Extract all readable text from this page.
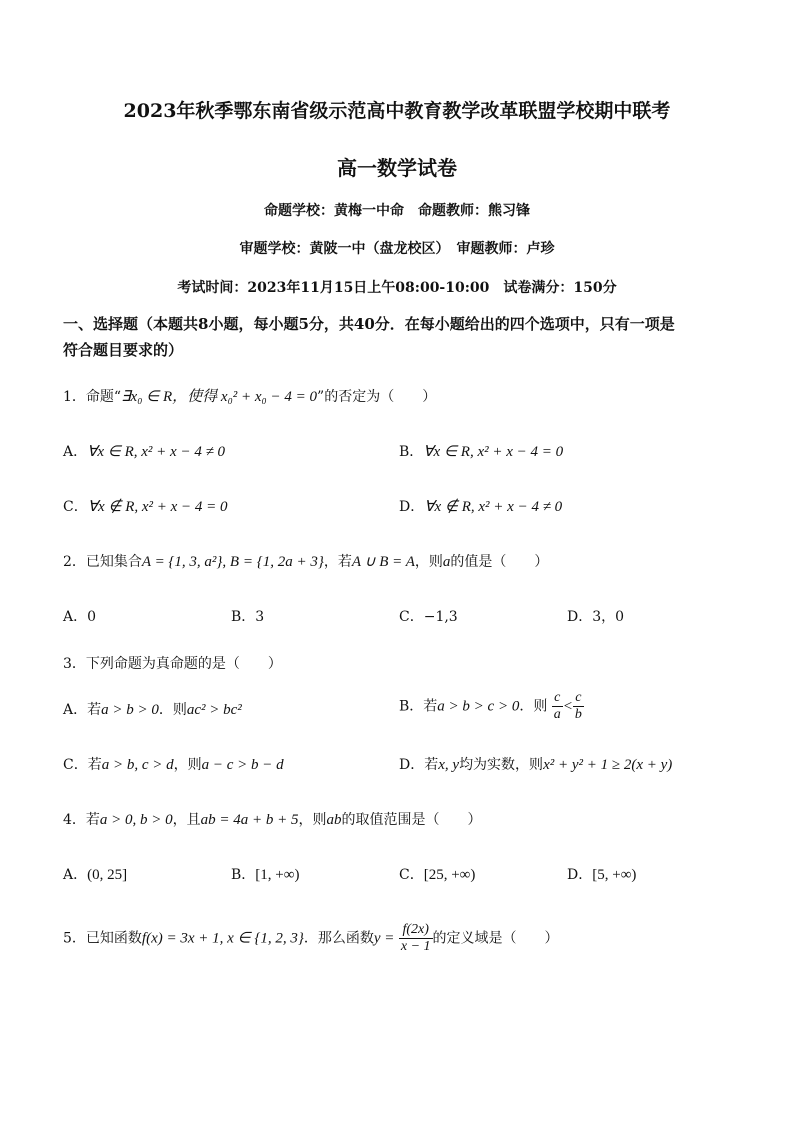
2023年秋季鄂东南省级示范高中教育教学改革联盟学校期中联考
高一数学试卷
命题学校：黄梅一中命　命题教师：熊习锋
审题学校：黄陂一中（盘龙校区）　审题教师：卢珍
考试时间：2023年11月15日上午08:00-10:00　试卷满分：150分
一、选择题（本题共8小题，每小题5分，共40分．在每小题给出的四个选项中，只有一项是
符合题目要求的）
1．命题“∃x₀ ∈ R，使得 x₀² + x₀ − 4 = 0”的否定为（　　）
A．∀x ∈ R, x² + x − 4 ≠ 0	B．∀x ∈ R, x² + x − 4 = 0
C．∀x ∉ R, x² + x − 4 = 0	D．∀x ∉ R, x² + x − 4 ≠ 0
2．已知集合A = {1, 3, a²}, B = {1, 2a + 3}，若A ∪ B = A，则a的值是（　　）
A．0	B．3	C．−1,3	D．3，0
3．下列命题为真命题的是（　　）
A．若a > b > 0．则ac² > bc²	B．若a > b > c > 0．则 $\frac{c}{a} < \frac{c}{b}$
C．若a > b, c > d，则a − c > b − d	D．若x, y均为实数，则x² + y² + 1 ≥ 2(x + y)
4．若a > 0, b > 0，且ab = 4a + b + 5，则ab的取值范围是（　　）
A．(0, 25]	B．[1, +∞)	C．[25, +∞)	D．[5, +∞)
5．已知函数f(x) = 3x + 1, x ∈ {1, 2, 3}．那么函数$y = \frac{f(2x)}{x - 1}$ 的定义域是（　　）
